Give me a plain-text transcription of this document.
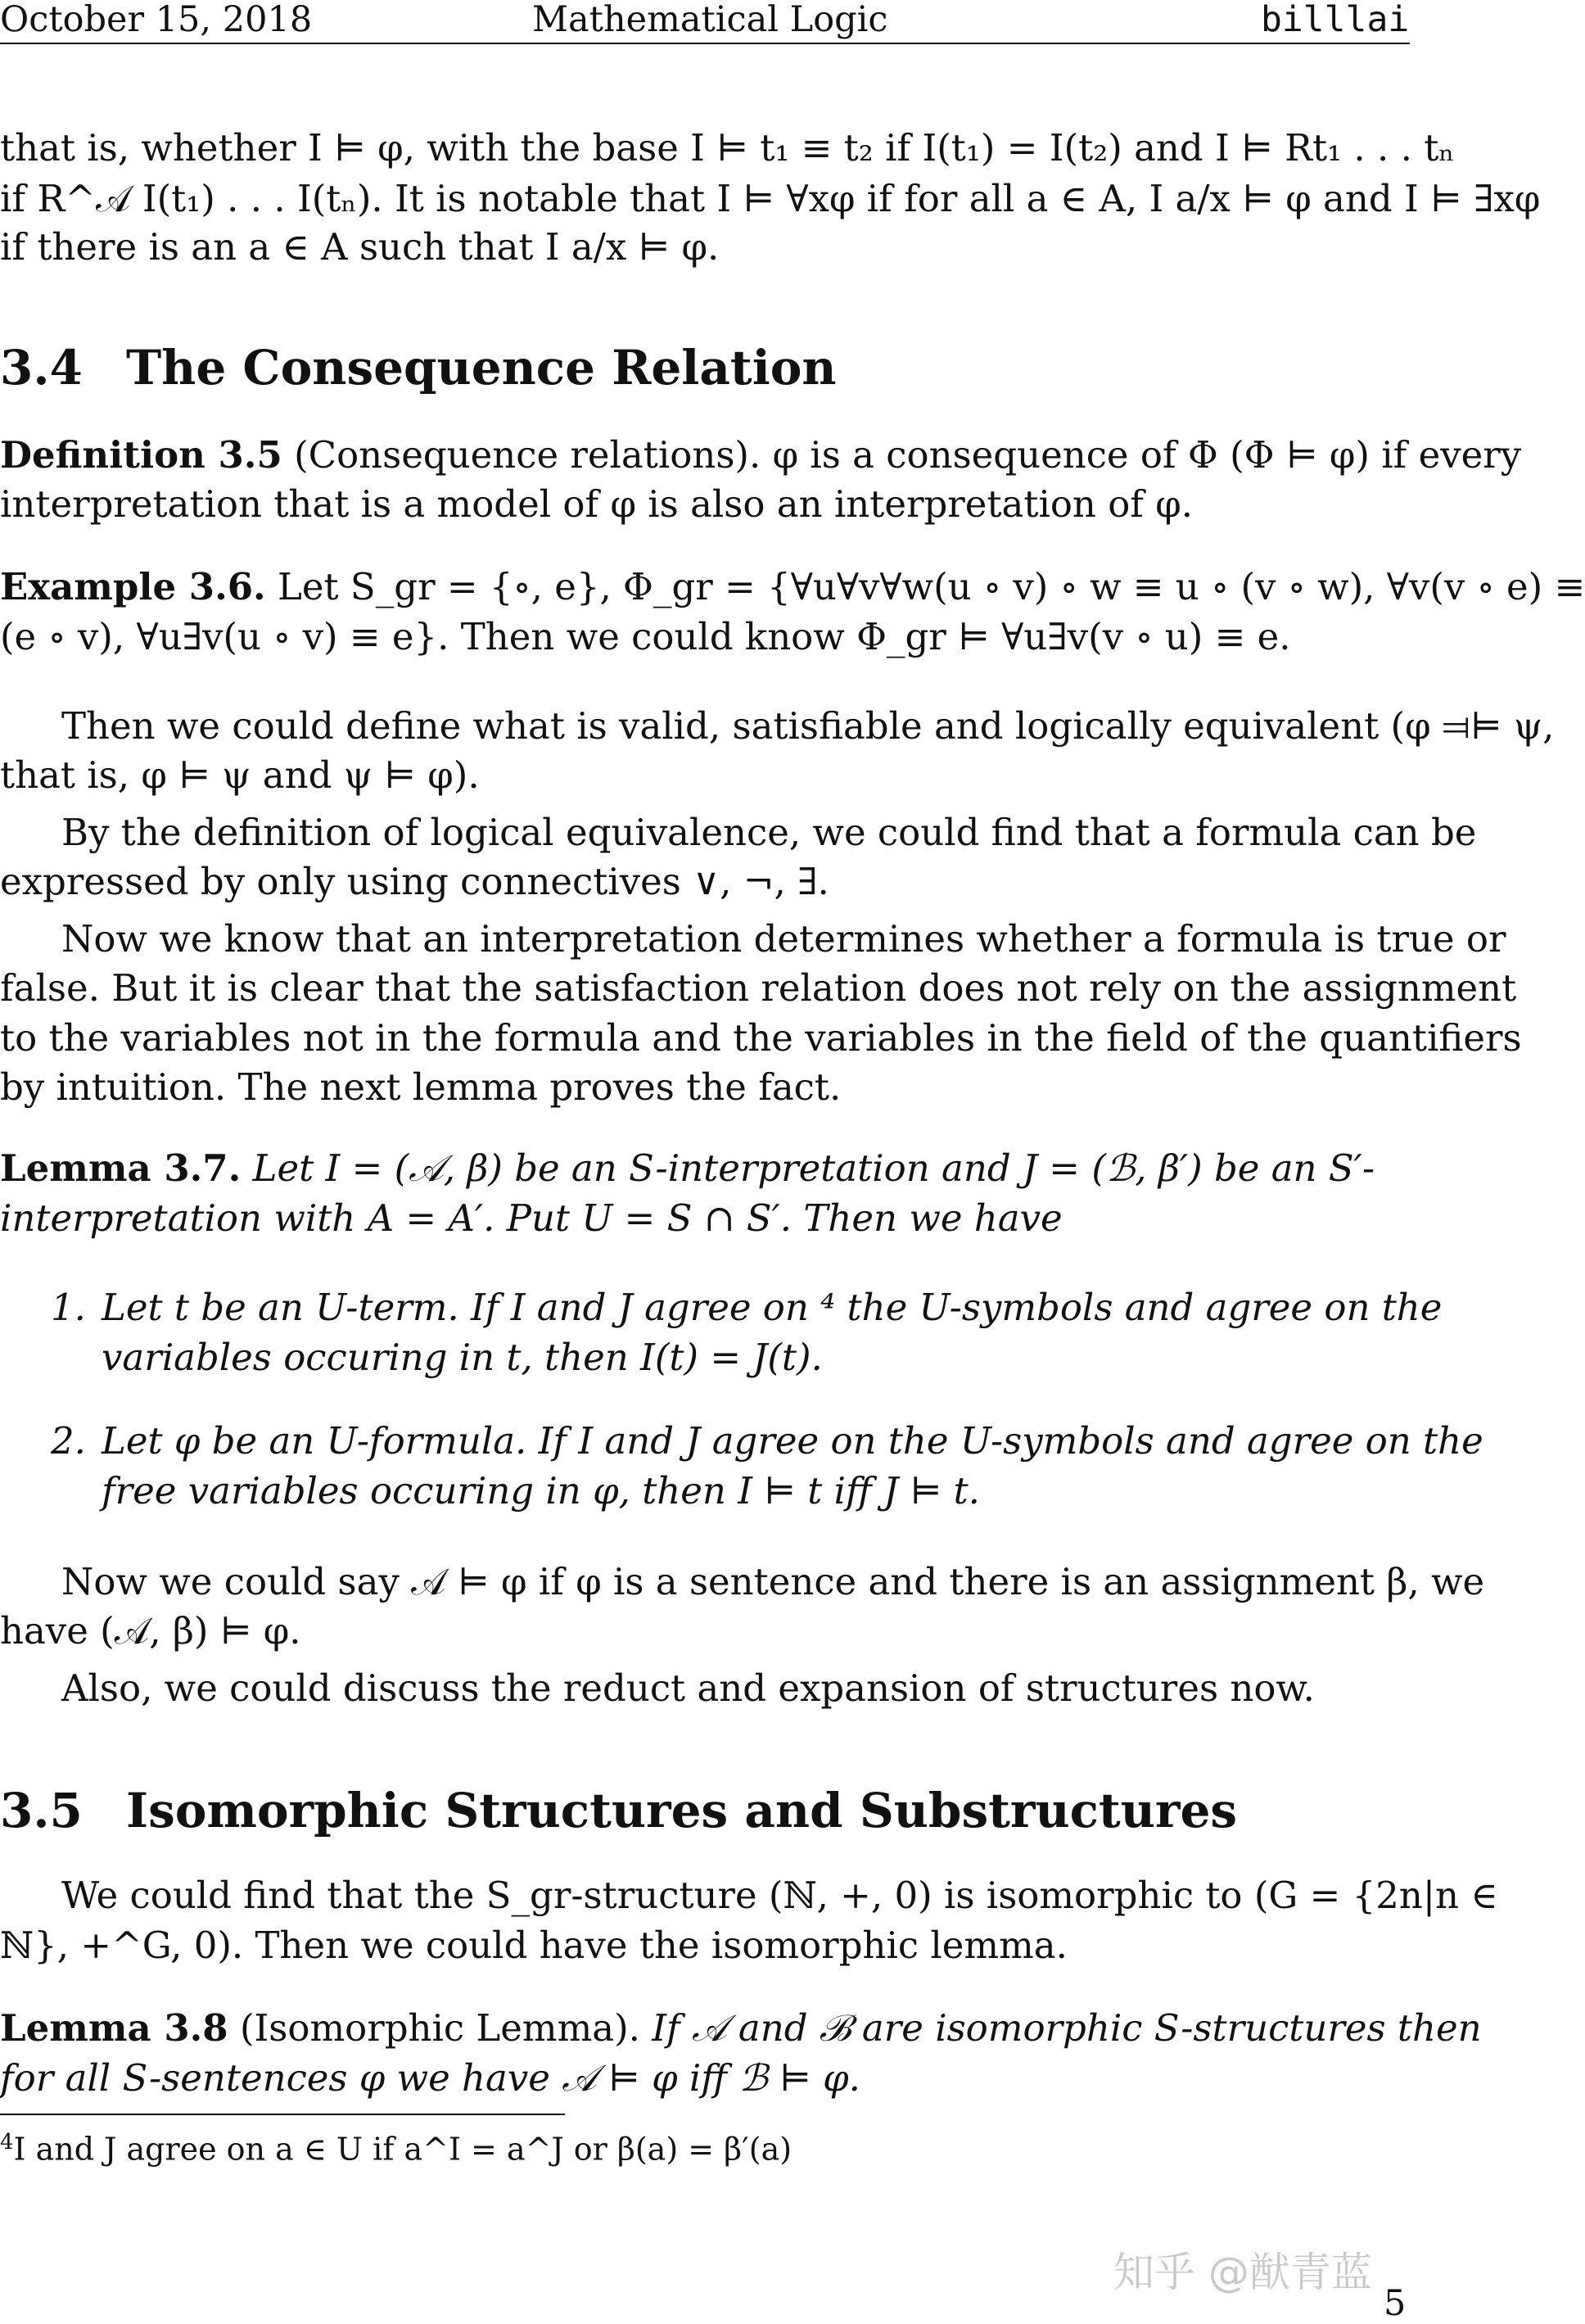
October 15, 2018	Mathematical Logic	billlai
that is, whether I ⊨ φ, with the base I ⊨ t₁ ≡ t₂ if I(t₁) = I(t₂) and I ⊨ Rt₁ . . . tₙ
if R^𝒜 I(t₁) . . . I(tₙ). It is notable that I ⊨ ∀xφ if for all a ∈ A, I a/x ⊨ φ and I ⊨ ∃xφ
if there is an a ∈ A such that I a/x ⊨ φ.
3.4 The Consequence Relation
Definition 3.5 (Consequence relations). φ is a consequence of Φ (Φ ⊨ φ) if every
interpretation that is a model of φ is also an interpretation of φ.
Example 3.6. Let S_gr = {∘, e}, Φ_gr = {∀u∀v∀w(u ∘ v) ∘ w ≡ u ∘ (v ∘ w), ∀v(v ∘ e) ≡
(e ∘ v), ∀u∃v(u ∘ v) ≡ e}. Then we could know Φ_gr ⊨ ∀u∃v(v ∘ u) ≡ e.
Then we could define what is valid, satisfiable and logically equivalent (φ ⫤⊨ ψ,
that is, φ ⊨ ψ and ψ ⊨ φ).
By the definition of logical equivalence, we could find that a formula can be
expressed by only using connectives ∨, ¬, ∃.
Now we know that an interpretation determines whether a formula is true or
false. But it is clear that the satisfaction relation does not rely on the assignment
to the variables not in the formula and the variables in the field of the quantifiers
by intuition. The next lemma proves the fact.
Lemma 3.7. Let I = (𝒜, β) be an S-interpretation and J = (ℬ, β′) be an S′-
interpretation with A = A′. Put U = S ∩ S′. Then we have
1. Let t be an U-term. If I and J agree on ⁴ the U-symbols and agree on the
variables occuring in t, then I(t) = J(t).
2. Let φ be an U-formula. If I and J agree on the U-symbols and agree on the
free variables occuring in φ, then I ⊨ t iff J ⊨ t.
Now we could say 𝒜 ⊨ φ if φ is a sentence and there is an assignment β, we
have (𝒜, β) ⊨ φ.
Also, we could discuss the reduct and expansion of structures now.
3.5 Isomorphic Structures and Substructures
We could find that the S_gr-structure (ℕ, +, 0) is isomorphic to (G = {2n|n ∈
ℕ}, +^G, 0). Then we could have the isomorphic lemma.
Lemma 3.8 (Isomorphic Lemma). If 𝒜 and ℬ are isomorphic S-structures then
for all S-sentences φ we have 𝒜 ⊨ φ iff ℬ ⊨ φ.
$^4$I and J agree on a ∈ U if a^I = a^J or β(a) = β′(a)
知乎 @猷青蓝
5
